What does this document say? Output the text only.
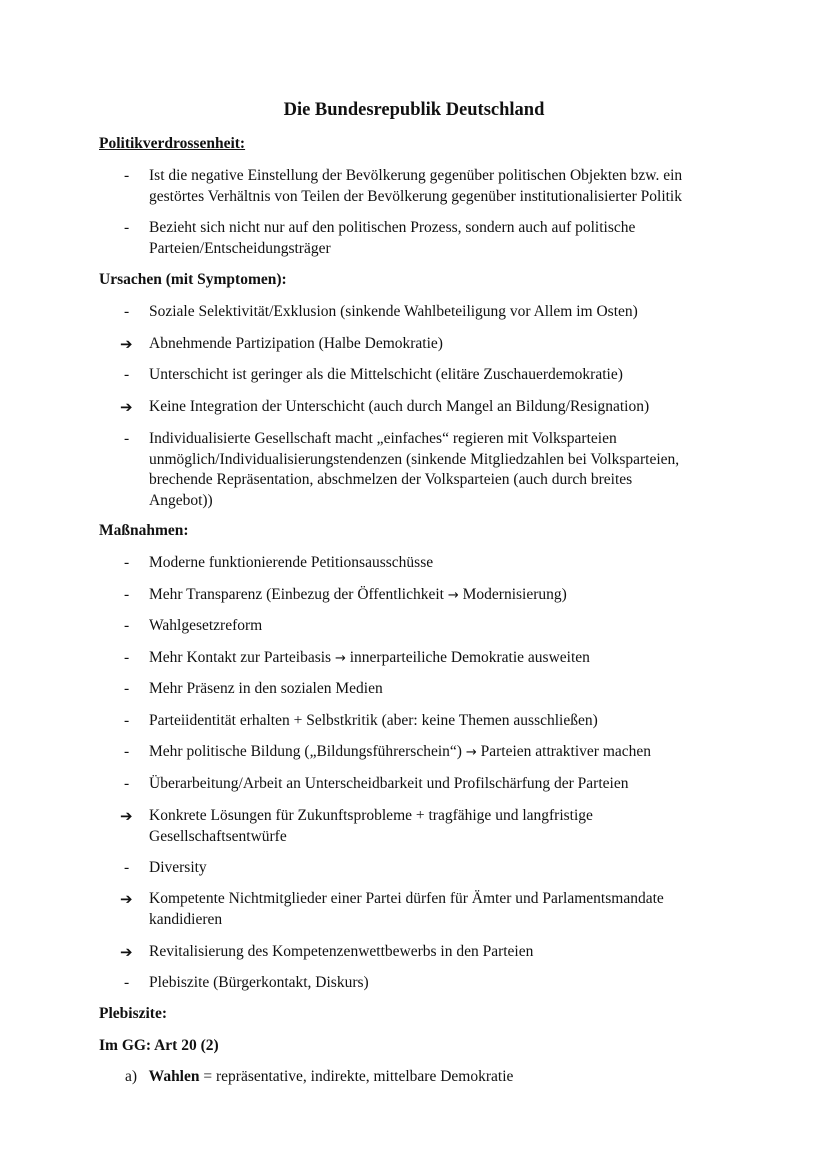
Die Bundesrepublik Deutschland
Politikverdrossenheit:
-	Ist die negative Einstellung der Bevölkerung gegenüber politischen Objekten bzw. ein
gestörtes Verhältnis von Teilen der Bevölkerung gegenüber institutionalisierter Politik
-	Bezieht sich nicht nur auf den politischen Prozess, sondern auch auf politische
Parteien/Entscheidungsträger
Ursachen (mit Symptomen):
-	Soziale Selektivität/Exklusion (sinkende Wahlbeteiligung vor Allem im Osten)
➔	Abnehmende Partizipation (Halbe Demokratie)
-	Unterschicht ist geringer als die Mittelschicht (elitäre Zuschauerdemokratie)
➔	Keine Integration der Unterschicht (auch durch Mangel an Bildung/Resignation)
-	Individualisierte Gesellschaft macht „einfaches“ regieren mit Volksparteien
unmöglich/Individualisierungstendenzen (sinkende Mitgliedzahlen bei Volksparteien,
brechende Repräsentation, abschmelzen der Volksparteien (auch durch breites
Angebot))
Maßnahmen:
-	Moderne funktionierende Petitionsausschüsse
-	Mehr Transparenz (Einbezug der Öffentlichkeit → Modernisierung)
-	Wahlgesetzreform
-	Mehr Kontakt zur Parteibasis → innerparteiliche Demokratie ausweiten
-	Mehr Präsenz in den sozialen Medien
-	Parteiidentität erhalten + Selbstkritik (aber: keine Themen ausschließen)
-	Mehr politische Bildung („Bildungsführerschein“) → Parteien attraktiver machen
-	Überarbeitung/Arbeit an Unterscheidbarkeit und Profilschärfung der Parteien
➔	Konkrete Lösungen für Zukunftsprobleme + tragfähige und langfristige
Gesellschaftsentwürfe
-	Diversity
➔	Kompetente Nichtmitglieder einer Partei dürfen für Ämter und Parlamentsmandate
kandidieren
➔	Revitalisierung des Kompetenzenwettbewerbs in den Parteien
-	Plebiszite (Bürgerkontakt, Diskurs)
Plebiszite:
Im GG: Art 20 (2)
a) Wahlen = repräsentative, indirekte, mittelbare Demokratie
